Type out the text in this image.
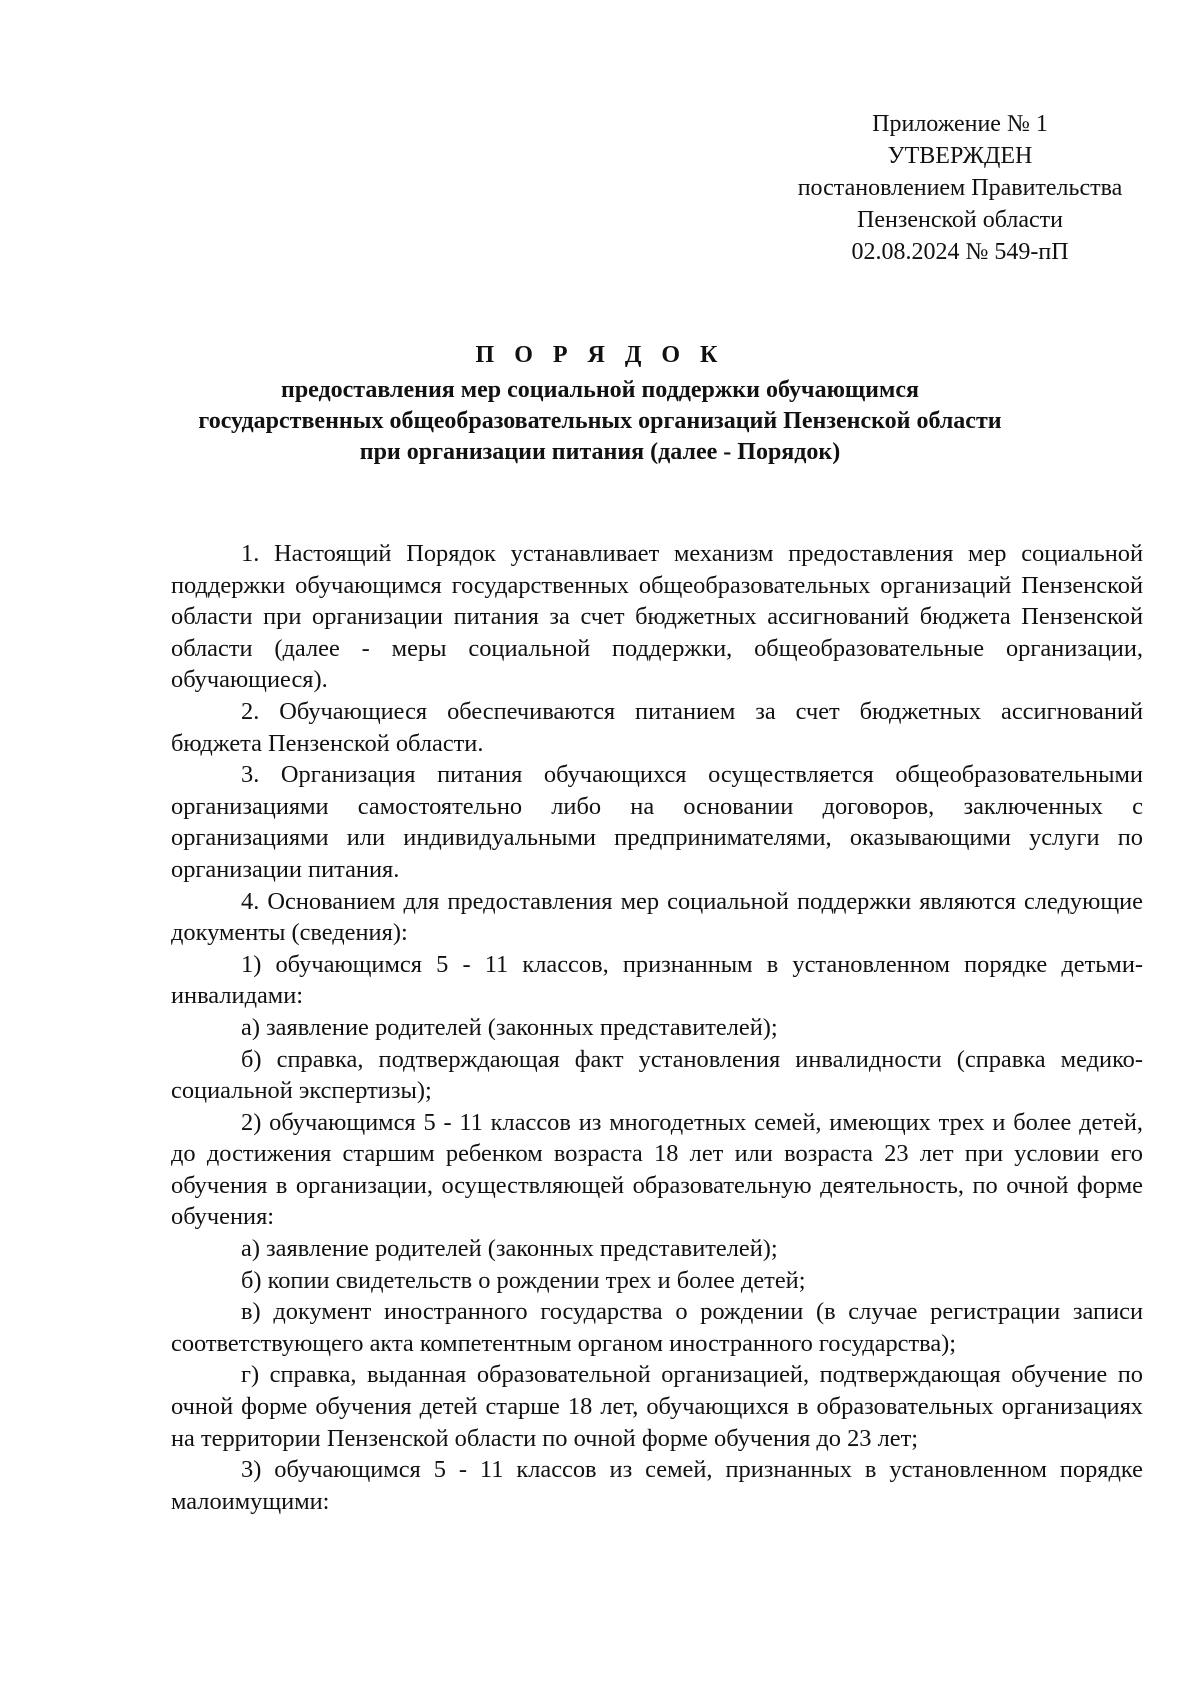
Приложение № 1
УТВЕРЖДЕН
постановлением Правительства
Пензенской области
02.08.2024 № 549-пП
П О Р Я Д О К
предоставления мер социальной поддержки обучающимся
государственных общеобразовательных организаций Пензенской области
при организации питания (далее - Порядок)

1. Настоящий Порядок устанавливает механизм предоставления мер социальной поддержки обучающимся государственных общеобразовательных организаций Пензенской области при организации питания за счет бюджетных ассигнований бюджета Пензенской области (далее - меры социальной поддержки, общеобразовательные организации, обучающиеся).

2. Обучающиеся обеспечиваются питанием за счет бюджетных ассигнований бюджета Пензенской области.

3. Организация питания обучающихся осуществляется общеобразовательными организациями самостоятельно либо на основании договоров, заключенных с организациями или индивидуальными предпринимателями, оказывающими услуги по организации питания.

4. Основанием для предоставления мер социальной поддержки являются следующие документы (сведения):

1) обучающимся 5 - 11 классов, признанным в установленном порядке детьми-инвалидами:

а) заявление родителей (законных представителей);

б) справка, подтверждающая факт установления инвалидности (справка медико-социальной экспертизы);

2) обучающимся 5 - 11 классов из многодетных семей, имеющих трех и более детей, до достижения старшим ребенком возраста 18 лет или возраста 23 лет при условии его обучения в организации, осуществляющей образовательную деятельность, по очной форме обучения:

а) заявление родителей (законных представителей);

б) копии свидетельств о рождении трех и более детей;

в) документ иностранного государства о рождении (в случае регистрации записи соответствующего акта компетентным органом иностранного государства);

г) справка, выданная образовательной организацией, подтверждающая обучение по очной форме обучения детей старше 18 лет, обучающихся в образовательных организациях на территории Пензенской области по очной форме обучения до 23 лет;

3) обучающимся 5 - 11 классов из семей, признанных в установленном порядке малоимущими:
